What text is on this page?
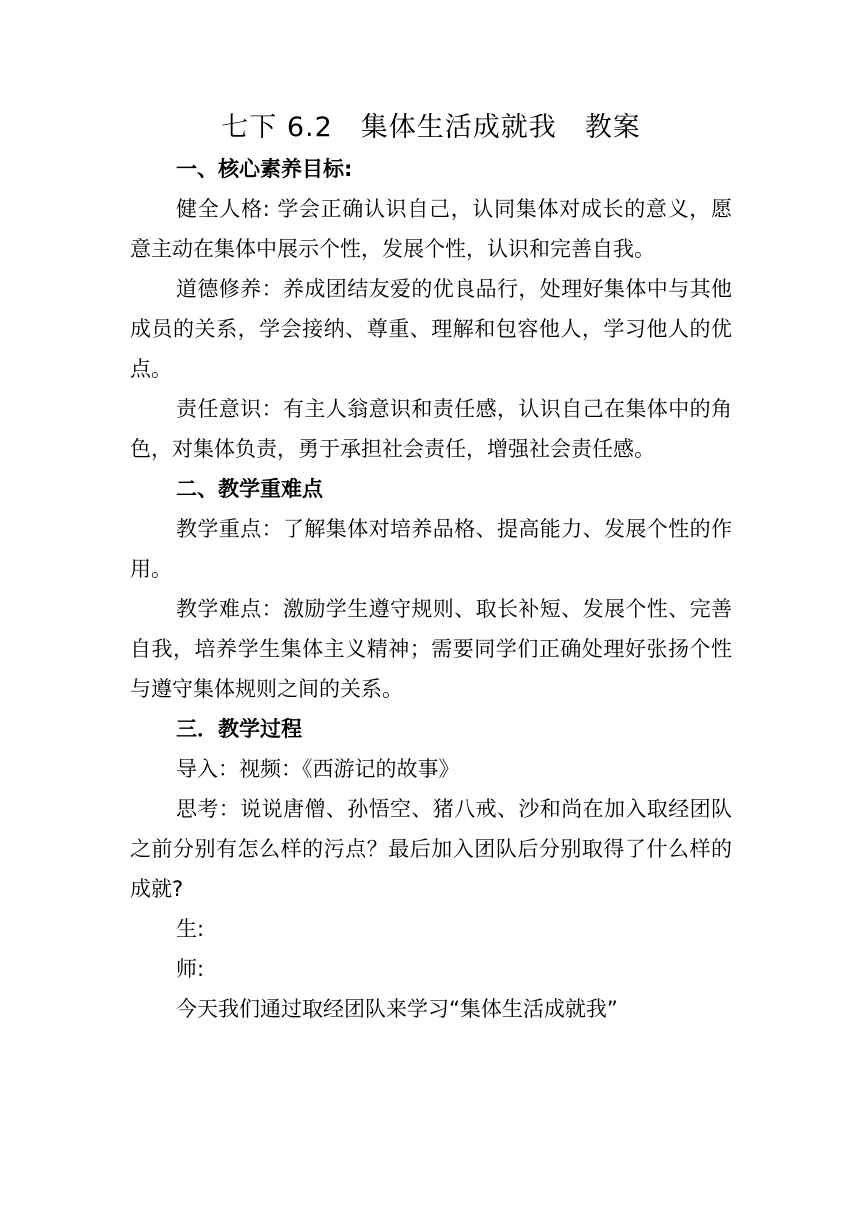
七下 6.2　集体生活成就我　教案
一、核心素养目标:

健全人格: 学会正确认识自己，认同集体对成长的意义，愿意主动在集体中展示个性，发展个性，认识和完善自我。

道德修养：养成团结友爱的优良品行，处理好集体中与其他成员的关系，学会接纳、尊重、理解和包容他人，学习他人的优点。

责任意识：有主人翁意识和责任感，认识自己在集体中的角色，对集体负责，勇于承担社会责任，增强社会责任感。

二、教学重难点

教学重点：了解集体对培养品格、提高能力、发展个性的作用。

教学难点：激励学生遵守规则、取长补短、发展个性、完善自我，培养学生集体主义精神；需要同学们正确处理好张扬个性与遵守集体规则之间的关系。

三．教学过程

导入：视频：《西游记的故事》

思考：说说唐僧、孙悟空、猪八戒、沙和尚在加入取经团队之前分别有怎么样的污点？最后加入团队后分别取得了什么样的成就?

生:

师:

今天我们通过取经团队来学习“集体生活成就我”
